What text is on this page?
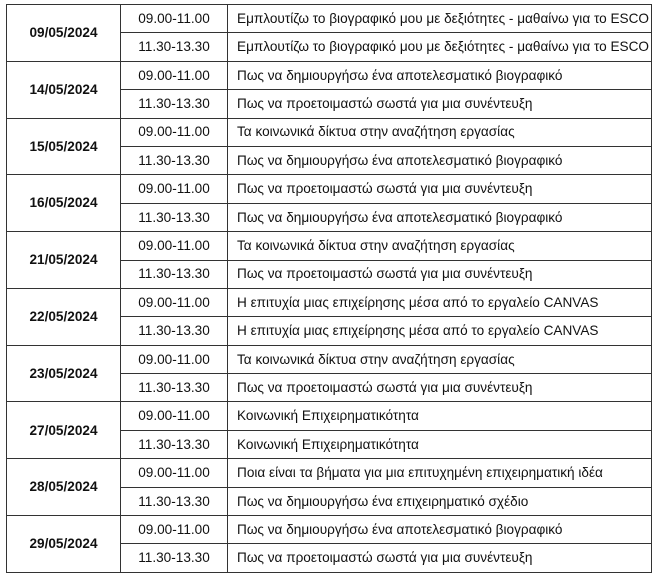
09/05/2024	09.00-11.00	Εμπλουτίζω το βιογραφικό μου με δεξιότητες - μαθαίνω για το ESCO
	11.30-13.30	Εμπλουτίζω το βιογραφικό μου με δεξιότητες - μαθαίνω για το ESCO
14/05/2024	09.00-11.00	Πως να δημιουργήσω ένα αποτελεσματικό βιογραφικό
	11.30-13.30	Πως να προετοιμαστώ σωστά για μια συνέντευξη
15/05/2024	09.00-11.00	Τα κοινωνικά δίκτυα στην αναζήτηση εργασίας
	11.30-13.30	Πως να δημιουργήσω ένα αποτελεσματικό βιογραφικό
16/05/2024	09.00-11.00	Πως να προετοιμαστώ σωστά για μια συνέντευξη
	11.30-13.30	Πως να δημιουργήσω ένα αποτελεσματικό βιογραφικό
21/05/2024	09.00-11.00	Τα κοινωνικά δίκτυα στην αναζήτηση εργασίας
	11.30-13.30	Πως να προετοιμαστώ σωστά για μια συνέντευξη
22/05/2024	09.00-11.00	Η επιτυχία μιας επιχείρησης μέσα από το εργαλείο CANVAS
	11.30-13.30	Η επιτυχία μιας επιχείρησης μέσα από το εργαλείο CANVAS
23/05/2024	09.00-11.00	Τα κοινωνικά δίκτυα στην αναζήτηση εργασίας
	11.30-13.30	Πως να προετοιμαστώ σωστά για μια συνέντευξη
27/05/2024	09.00-11.00	Κοινωνική Επιχειρηματικότητα
	11.30-13.30	Κοινωνική Επιχειρηματικότητα
28/05/2024	09.00-11.00	Ποια είναι τα βήματα για μια επιτυχημένη επιχειρηματική ιδέα
	11.30-13.30	Πως να δημιουργήσω ένα επιχειρηματικό σχέδιο
29/05/2024	09.00-11.00	Πως να δημιουργήσω ένα αποτελεσματικό βιογραφικό
	11.30-13.30	Πως να προετοιμαστώ σωστά για μια συνέντευξη
